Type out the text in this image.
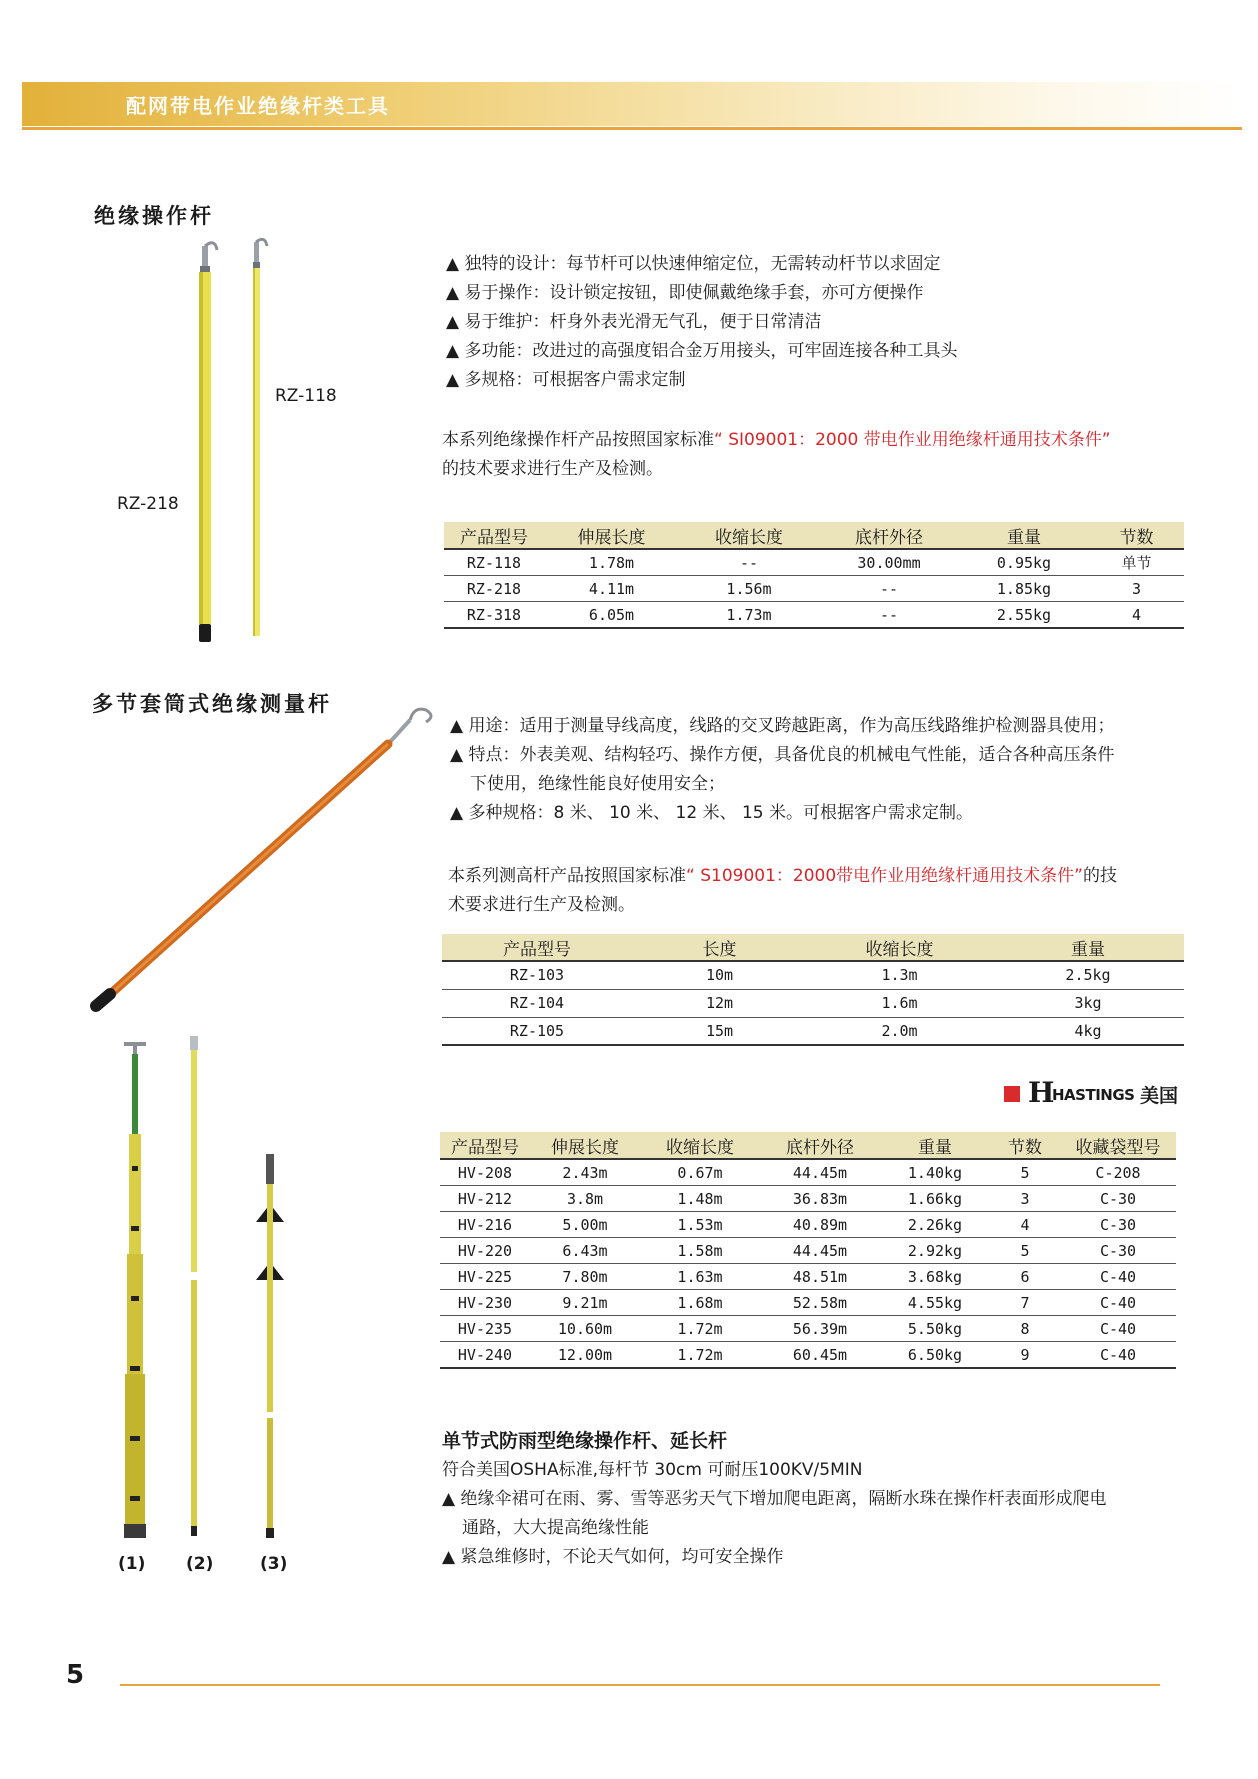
配网带电作业绝缘杆类工具
绝缘操作杆
RZ-118
RZ-218
▲ 独特的设计：每节杆可以快速伸缩定位，无需转动杆节以求固定
▲ 易于操作：设计锁定按钮，即使佩戴绝缘手套，亦可方便操作
▲ 易于维护：杆身外表光滑无气孔，便于日常清洁
▲ 多功能：改进过的高强度铝合金万用接头，可牢固连接各种工具头
▲ 多规格：可根据客户需求定制
本系列绝缘操作杆产品按照国家标准“ SI09001：2000 带电作业用绝缘杆通用技术条件”
的技术要求进行生产及检测。
产品型号	伸展长度	收缩长度	底杆外径	重量	节数
RZ-118	1.78m	--	30.00mm	0.95kg	单节
RZ-218	4.11m	1.56m	--	1.85kg	3
RZ-318	6.05m	1.73m	--	2.55kg	4
多节套筒式绝缘测量杆
▲ 用途：适用于测量导线高度，线路的交叉跨越距离，作为高压线路维护检测器具使用；
▲ 特点：外表美观、结构轻巧、操作方便，具备优良的机械电气性能，适合各种高压条件
下使用，绝缘性能良好使用安全；
▲ 多种规格：8 米、 10 米、 12 米、 15 米。可根据客户需求定制。
本系列测高杆产品按照国家标准“ S109001：2000带电作业用绝缘杆通用技术条件”的技
术要求进行生产及检测。
产品型号	长度	收缩长度	重量
RZ-103	10m	1.3m	2.5kg
RZ-104	12m	1.6m	3kg
RZ-105	15m	2.0m	4kg
H
HASTINGS 美国
(1) (2)	(3)
产品型号	伸展长度	收缩长度	底杆外径	重量	节数	收藏袋型号
HV-208	2.43m	0.67m	44.45m	1.40kg	5	C-208
HV-212	3.8m	1.48m	36.83m	1.66kg	3	C-30
HV-216	5.00m	1.53m	40.89m	2.26kg	4	C-30
HV-220	6.43m	1.58m	44.45m	2.92kg	5	C-30
HV-225	7.80m	1.63m	48.51m	3.68kg	6	C-40
HV-230	9.21m	1.68m	52.58m	4.55kg	7	C-40
HV-235	10.60m	1.72m	56.39m	5.50kg	8	C-40
HV-240	12.00m	1.72m	60.45m	6.50kg	9	C-40
单节式防雨型绝缘操作杆、延长杆
符合美国OSHA标准,每杆节 30cm 可耐压100KV/5MIN
▲ 绝缘伞裙可在雨、雾、雪等恶劣天气下增加爬电距离，隔断水珠在操作杆表面形成爬电
通路，大大提高绝缘性能
▲ 紧急维修时，不论天气如何，均可安全操作
5
